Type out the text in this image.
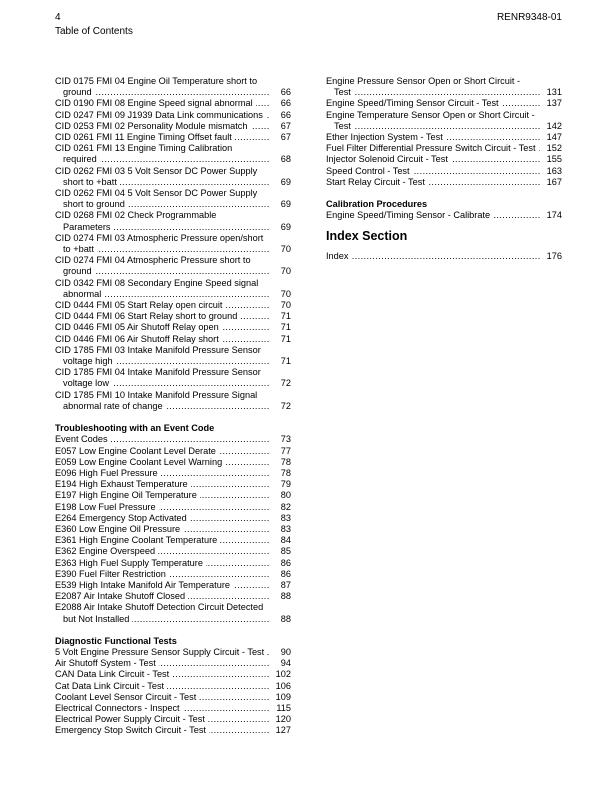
4
Table of Contents
RENR9348-01
CID 0175 FMI 04 Engine Oil Temperature short to ground	66
.....
CID 0190 FMI 08 Engine Speed signal abnormal	66
.....
CID 0247 FMI 09 J1939 Data Link communications 66
.....
CID 0253 FMI 02 Personality Module mismatch	67
.....
CID 0261 FMI 11 Engine Timing Offset fault	67
.....
CID 0261 FMI 13 Engine Timing Calibration required	68
.....
CID 0262 FMI 03 5 Volt Sensor DC Power Supply short to +batt	69
.....
CID 0262 FMI 04 5 Volt Sensor DC Power Supply short to ground	69
.....
CID 0268 FMI 02 Check Programmable Parameters	69
.....
CID 0274 FMI 03 Atmospheric Pressure open/short to +batt	70
.....
CID 0274 FMI 04 Atmospheric Pressure short to ground	70
.....
CID 0342 FMI 08 Secondary Engine Speed signal abnormal	70
.....
CID 0444 FMI 05 Start Relay open circuit	70
.....
CID 0444 FMI 06 Start Relay short to ground	71
.....
CID 0446 FMI 05 Air Shutoff Relay open	71
.....
CID 0446 FMI 06 Air Shutoff Relay short	71
.....
CID 1785 FMI 03 Intake Manifold Pressure Sensor voltage high	71
.....
CID 1785 FMI 04 Intake Manifold Pressure Sensor voltage low	72
.....
CID 1785 FMI 10 Intake Manifold Pressure Signal abnormal rate of change	72
.....
Troubleshooting with an Event Code
Event Codes	73
.....
E057 Low Engine Coolant Level Derate	77
.....
E059 Low Engine Coolant Level Warning	78
.....
E096 High Fuel Pressure	78
.....
E194 High Exhaust Temperature	79
.....
E197 High Engine Oil Temperature	80
.....
E198 Low Fuel Pressure	82
.....
E264 Emergency Stop Activated	83
.....
E360 Low Engine Oil Pressure	83
.....
E361 High Engine Coolant Temperature	84
.....
E362 Engine Overspeed	85
.....
E363 High Fuel Supply Temperature	86
.....
E390 Fuel Filter Restriction	86
.....
E539 High Intake Manifold Air Temperature	87
.....
E2087 Air Intake Shutoff Closed	88
.....
E2088 Air Intake Shutoff Detection Circuit Detected but Not Installed	88
.....
Diagnostic Functional Tests
5 Volt Engine Pressure Sensor Supply Circuit - Test 90
.....
Air Shutoff System - Test	94
.....
CAN Data Link Circuit - Test	102
.....
Cat Data Link Circuit - Test	106
.....
Coolant Level Sensor Circuit - Test	109
.....
Electrical Connectors - Inspect	115
.....
Electrical Power Supply Circuit - Test	120
.....
Emergency Stop Switch Circuit - Test	127
.....
Engine Pressure Sensor Open or Short Circuit - Test	131
.....
Engine Speed/Timing Sensor Circuit - Test	137
.....
Engine Temperature Sensor Open or Short Circuit - Test	142
.....
Ether Injection System - Test	147
.....
Fuel Filter Differential Pressure Switch Circuit - Test 152
.....
Injector Solenoid Circuit - Test	155
.....
Speed Control - Test	163
.....
Start Relay Circuit - Test	167
.....
Calibration Procedures
Engine Speed/Timing Sensor - Calibrate	174
.....
Index Section
Index	176
.....
